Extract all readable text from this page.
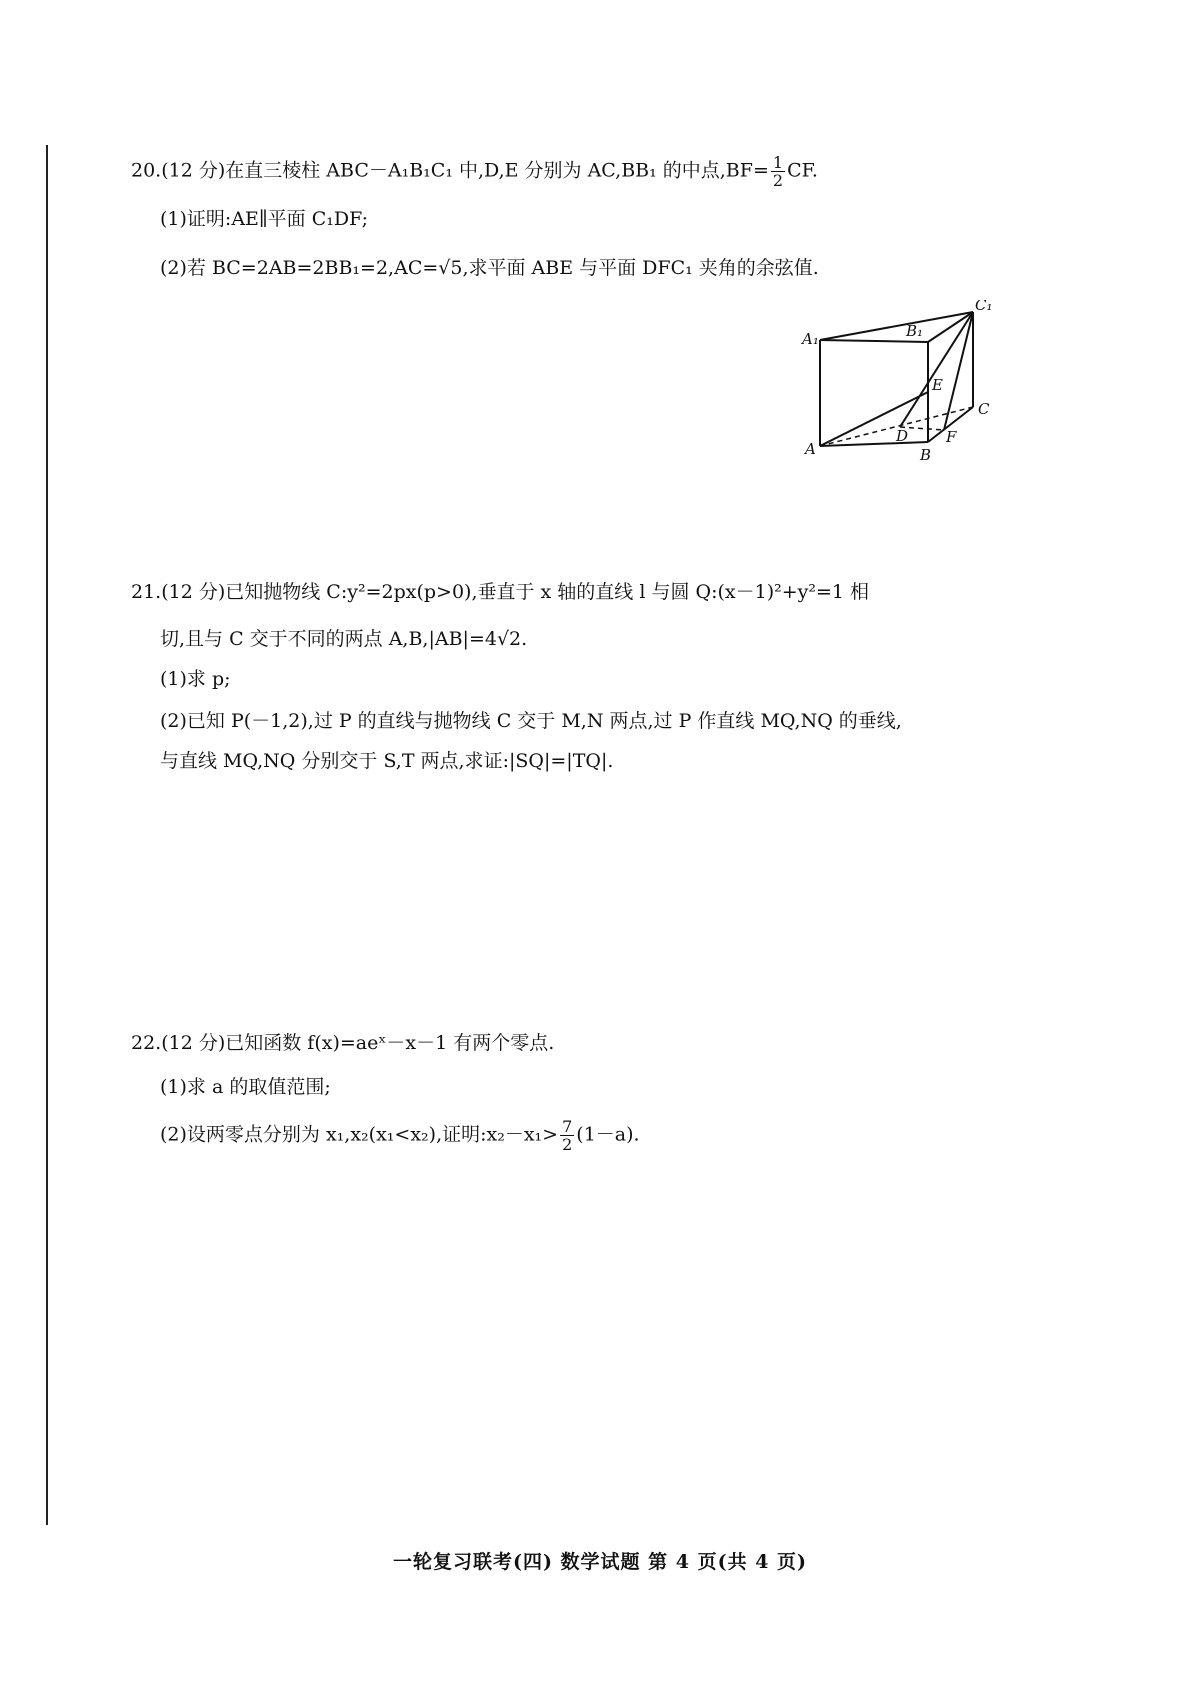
20.(12 分)在直三棱柱 ABC－A₁B₁C₁ 中,D,E 分别为 AC,BB₁ 的中点$,BF= \frac{1}{2}$ CF.
(1)证明:AE∥平面 C₁DF;
(2)若 BC=2AB=2BB₁=2,AC=√5,求平面 ABE 与平面 DFC₁ 夹角的余弦值.
A₁	B₁
C₁
A	B
C
D
E
F
21.(12 分)已知抛物线 C:y²=2px(p>0),垂直于 x 轴的直线 l 与圆 Q:(x－1)²+y²=1 相
切,且与 C 交于不同的两点 A,B,|AB|=4√2.
(1)求 p;
(2)已知 P(－1,2),过 P 的直线与抛物线 C 交于 M,N 两点,过 P 作直线 MQ,NQ 的垂线,
与直线 MQ,NQ 分别交于 S,T 两点,求证:|SQ|=|TQ|.
22.(12 分)已知函数 f(x)=aeˣ－x－1 有两个零点.
(1)求 a 的取值范围;
(2)设两零点分别为 x₁,x₂(x₁<x₂),证明:x₂－x₁> $\frac{7}{2} (1-a)$.
一轮复习联考(四) 数学试题 第 4 页(共 4 页)
